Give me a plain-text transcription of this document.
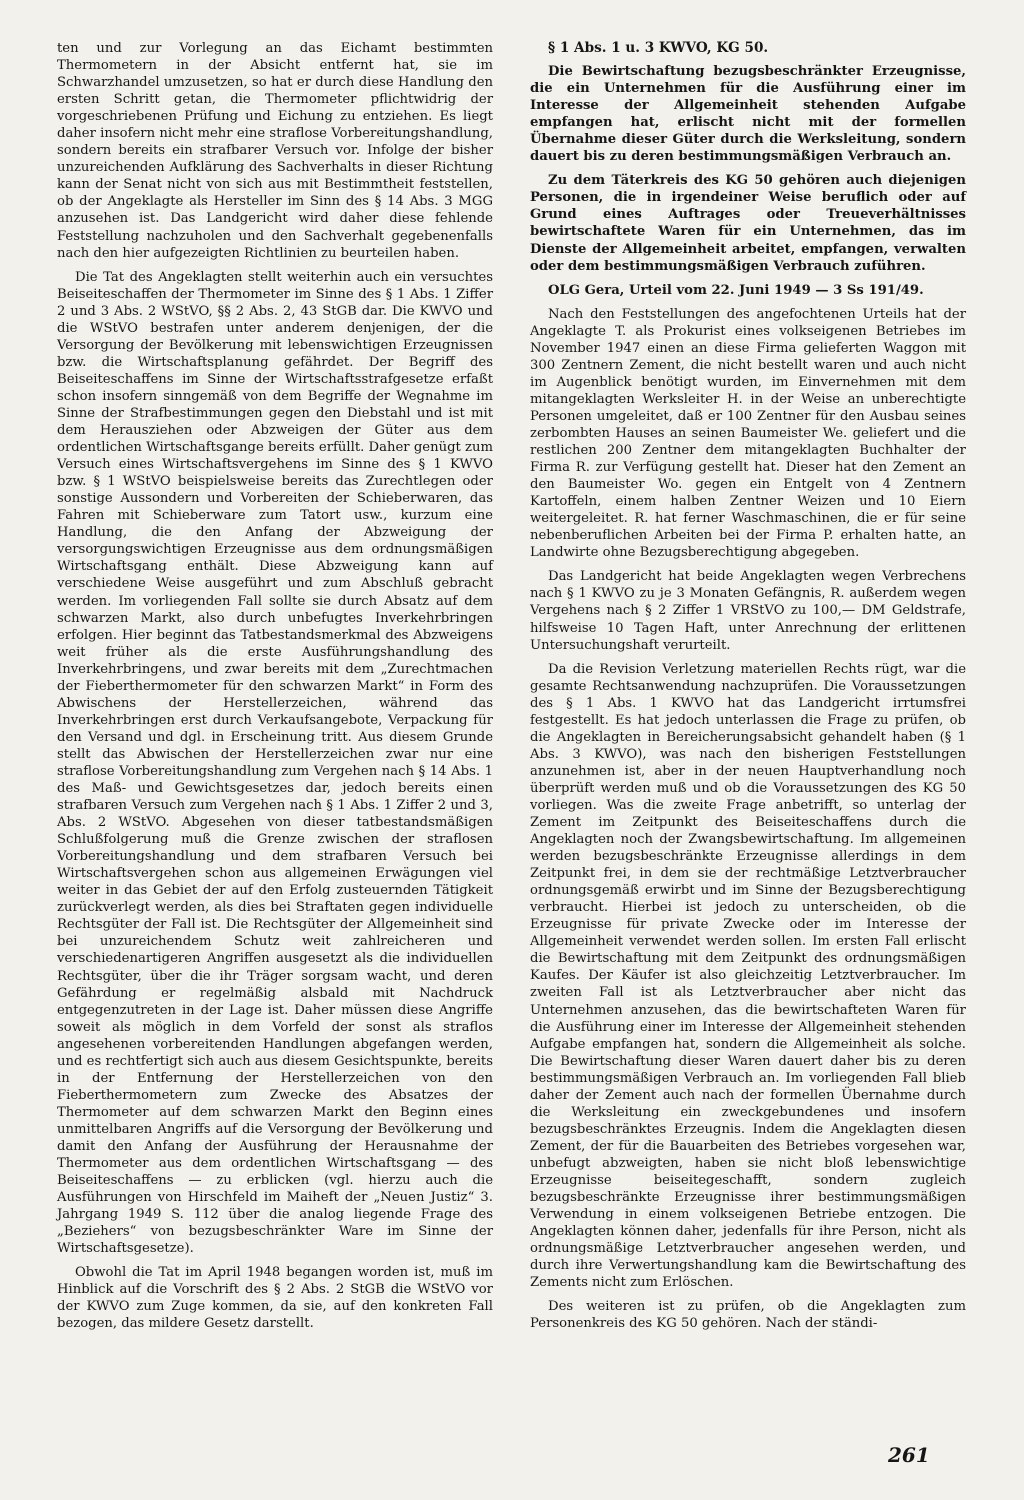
ten und zur Vorlegung an das Eichamt bestimmten Thermometern in der Absicht entfernt hat, sie im Schwarzhandel umzusetzen, so hat er durch diese Handlung den ersten Schritt getan, die Thermometer pflichtwidrig der vorgeschriebenen Prüfung und Eichung zu entziehen. Es liegt daher insofern nicht mehr eine straflose Vorbereitungshandlung, sondern bereits ein strafbarer Versuch vor. Infolge der bisher unzureichenden Aufklärung des Sachverhalts in dieser Richtung kann der Senat nicht von sich aus mit Bestimmtheit feststellen, ob der Angeklagte als Hersteller im Sinn des § 14 Abs. 3 MGG anzusehen ist. Das Landgericht wird daher diese fehlende Feststellung nachzuholen und den Sachverhalt gegebenenfalls nach den hier aufgezeigten Richtlinien zu beurteilen haben.

Die Tat des Angeklagten stellt weiterhin auch ein versuchtes Beiseiteschaffen der Thermometer im Sinne des § 1 Abs. 1 Ziffer 2 und 3 Abs. 2 WStVO, §§ 2 Abs. 2, 43 StGB dar. Die KWVO und die WStVO bestrafen unter anderem denjenigen, der die Versorgung der Bevölkerung mit lebenswichtigen Erzeugnissen bzw. die Wirtschaftsplanung gefährdet. Der Begriff des Beiseiteschaffens im Sinne der Wirtschaftsstrafgesetze erfaßt schon insofern sinngemäß von dem Begriffe der Wegnahme im Sinne der Strafbestimmungen gegen den Diebstahl und ist mit dem Herausziehen oder Abzweigen der Güter aus dem ordentlichen Wirtschaftsgange bereits erfüllt. Daher genügt zum Versuch eines Wirtschaftsvergehens im Sinne des § 1 KWVO bzw. § 1 WStVO beispielsweise bereits das Zurechtlegen oder sonstige Aussondern und Vorbereiten der Schieberwaren, das Fahren mit Schieberware zum Tatort usw., kurzum eine Handlung, die den Anfang der Abzweigung der versorgungswichtigen Erzeugnisse aus dem ordnungsmäßigen Wirtschaftsgang enthält. Diese Abzweigung kann auf verschiedene Weise ausgeführt und zum Abschluß gebracht werden. Im vorliegenden Fall sollte sie durch Absatz auf dem schwarzen Markt, also durch unbefugtes Inverkehrbringen erfolgen. Hier beginnt das Tatbestandsmerkmal des Abzweigens weit früher als die erste Ausführungshandlung des Inverkehrbringens, und zwar bereits mit dem „Zurechtmachen der Fieberthermometer für den schwarzen Markt“ in Form des Abwischens der Herstellerzeichen, während das Inverkehrbringen erst durch Verkaufsangebote, Verpackung für den Versand und dgl. in Erscheinung tritt. Aus diesem Grunde stellt das Abwischen der Herstellerzeichen zwar nur eine straflose Vorbereitungshandlung zum Vergehen nach § 14 Abs. 1 des Maß- und Gewichtsgesetzes dar, jedoch bereits einen strafbaren Versuch zum Vergehen nach § 1 Abs. 1 Ziffer 2 und 3, Abs. 2 WStVO. Abgesehen von dieser tatbestandsmäßigen Schlußfolgerung muß die Grenze zwischen der straflosen Vorbereitungshandlung und dem strafbaren Versuch bei Wirtschaftsvergehen schon aus allgemeinen Erwägungen viel weiter in das Gebiet der auf den Erfolg zusteuernden Tätigkeit zurückverlegt werden, als dies bei Straftaten gegen individuelle Rechtsgüter der Fall ist. Die Rechtsgüter der Allgemeinheit sind bei unzureichendem Schutz weit zahlreicheren und verschiedenartigeren Angriffen ausgesetzt als die individuellen Rechtsgüter, über die ihr Träger sorgsam wacht, und deren Gefährdung er regelmäßig alsbald mit Nachdruck entgegenzutreten in der Lage ist. Daher müssen diese Angriffe soweit als möglich in dem Vorfeld der sonst als straflos angesehenen vorbereitenden Handlungen abgefangen werden, und es rechtfertigt sich auch aus diesem Gesichtspunkte, bereits in der Entfernung der Herstellerzeichen von den Fieberthermometern zum Zwecke des Absatzes der Thermometer auf dem schwarzen Markt den Beginn eines unmittelbaren Angriffs auf die Versorgung der Bevölkerung und damit den Anfang der Ausführung der Herausnahme der Thermometer aus dem ordentlichen Wirtschaftsgang — des Beiseiteschaffens — zu erblicken (vgl. hierzu auch die Ausführungen von Hirschfeld im Maiheft der „Neuen Justiz“ 3. Jahrgang 1949 S. 112 über die analog liegende Frage des „Beziehers“ von bezugsbeschränkter Ware im Sinne der Wirtschaftsgesetze).

Obwohl die Tat im April 1948 begangen worden ist, muß im Hinblick auf die Vorschrift des § 2 Abs. 2 StGB die WStVO vor der KWVO zum Zuge kommen, da sie, auf den konkreten Fall bezogen, das mildere Gesetz darstellt.

§ 1 Abs. 1 u. 3 KWVO, KG 50.

Die Bewirtschaftung bezugsbeschränkter Erzeugnisse, die ein Unternehmen für die Ausführung einer im Interesse der Allgemeinheit stehenden Aufgabe empfangen hat, erlischt nicht mit der formellen Übernahme dieser Güter durch die Werksleitung, sondern dauert bis zu deren bestimmungsmäßigen Verbrauch an.

Zu dem Täterkreis des KG 50 gehören auch diejenigen Personen, die in irgendeiner Weise beruflich oder auf Grund eines Auftrages oder Treueverhältnisses bewirtschaftete Waren für ein Unternehmen, das im Dienste der Allgemeinheit arbeitet, empfangen, verwalten oder dem bestimmungsmäßigen Verbrauch zuführen.

OLG Gera, Urteil vom 22. Juni 1949 — 3 Ss 191/49.

Nach den Feststellungen des angefochtenen Urteils hat der Angeklagte T. als Prokurist eines volkseigenen Betriebes im November 1947 einen an diese Firma gelieferten Waggon mit 300 Zentnern Zement, die nicht bestellt waren und auch nicht im Augenblick benötigt wurden, im Einvernehmen mit dem mitangeklagten Werksleiter H. in der Weise an unberechtigte Personen umgeleitet, daß er 100 Zentner für den Ausbau seines zerbombten Hauses an seinen Baumeister We. geliefert und die restlichen 200 Zentner dem mitangeklagten Buchhalter der Firma R. zur Verfügung gestellt hat. Dieser hat den Zement an den Baumeister Wo. gegen ein Entgelt von 4 Zentnern Kartoffeln, einem halben Zentner Weizen und 10 Eiern weitergeleitet. R. hat ferner Waschmaschinen, die er für seine nebenberuflichen Arbeiten bei der Firma P. erhalten hatte, an Landwirte ohne Bezugsberechtigung abgegeben.

Das Landgericht hat beide Angeklagten wegen Verbrechens nach § 1 KWVO zu je 3 Monaten Gefängnis, R. außerdem wegen Vergehens nach § 2 Ziffer 1 VRStVO zu 100,— DM Geldstrafe, hilfsweise 10 Tagen Haft, unter Anrechnung der erlittenen Untersuchungshaft verurteilt.

Da die Revision Verletzung materiellen Rechts rügt, war die gesamte Rechtsanwendung nachzuprüfen. Die Voraussetzungen des § 1 Abs. 1 KWVO hat das Landgericht irrtumsfrei festgestellt. Es hat jedoch unterlassen die Frage zu prüfen, ob die Angeklagten in Bereicherungsabsicht gehandelt haben (§ 1 Abs. 3 KWVO), was nach den bisherigen Feststellungen anzunehmen ist, aber in der neuen Hauptverhandlung noch überprüft werden muß und ob die Voraussetzungen des KG 50 vorliegen. Was die zweite Frage anbetrifft, so unterlag der Zement im Zeitpunkt des Beiseiteschaffens durch die Angeklagten noch der Zwangsbewirtschaftung. Im allgemeinen werden bezugsbeschränkte Erzeugnisse allerdings in dem Zeitpunkt frei, in dem sie der rechtmäßige Letztverbraucher ordnungsgemäß erwirbt und im Sinne der Bezugsberechtigung verbraucht. Hierbei ist jedoch zu unterscheiden, ob die Erzeugnisse für private Zwecke oder im Interesse der Allgemeinheit verwendet werden sollen. Im ersten Fall erlischt die Bewirtschaftung mit dem Zeitpunkt des ordnungsmäßigen Kaufes. Der Käufer ist also gleichzeitig Letztverbraucher. Im zweiten Fall ist als Letztverbraucher aber nicht das Unternehmen anzusehen, das die bewirtschafteten Waren für die Ausführung einer im Interesse der Allgemeinheit stehenden Aufgabe empfangen hat, sondern die Allgemeinheit als solche. Die Bewirtschaftung dieser Waren dauert daher bis zu deren bestimmungsmäßigen Verbrauch an. Im vorliegenden Fall blieb daher der Zement auch nach der formellen Übernahme durch die Werksleitung ein zweckgebundenes und insofern bezugsbeschränktes Erzeugnis. Indem die Angeklagten diesen Zement, der für die Bauarbeiten des Betriebes vorgesehen war, unbefugt abzweigten, haben sie nicht bloß lebenswichtige Erzeugnisse beiseitegeschafft, sondern zugleich bezugsbeschränkte Erzeugnisse ihrer bestimmungsmäßigen Verwendung in einem volkseigenen Betriebe entzogen. Die Angeklagten können daher, jedenfalls für ihre Person, nicht als ordnungsmäßige Letztverbraucher angesehen werden, und durch ihre Verwertungshandlung kam die Bewirtschaftung des Zements nicht zum Erlöschen.

Des weiteren ist zu prüfen, ob die Angeklagten zum Personenkreis des KG 50 gehören. Nach der ständi-

261
